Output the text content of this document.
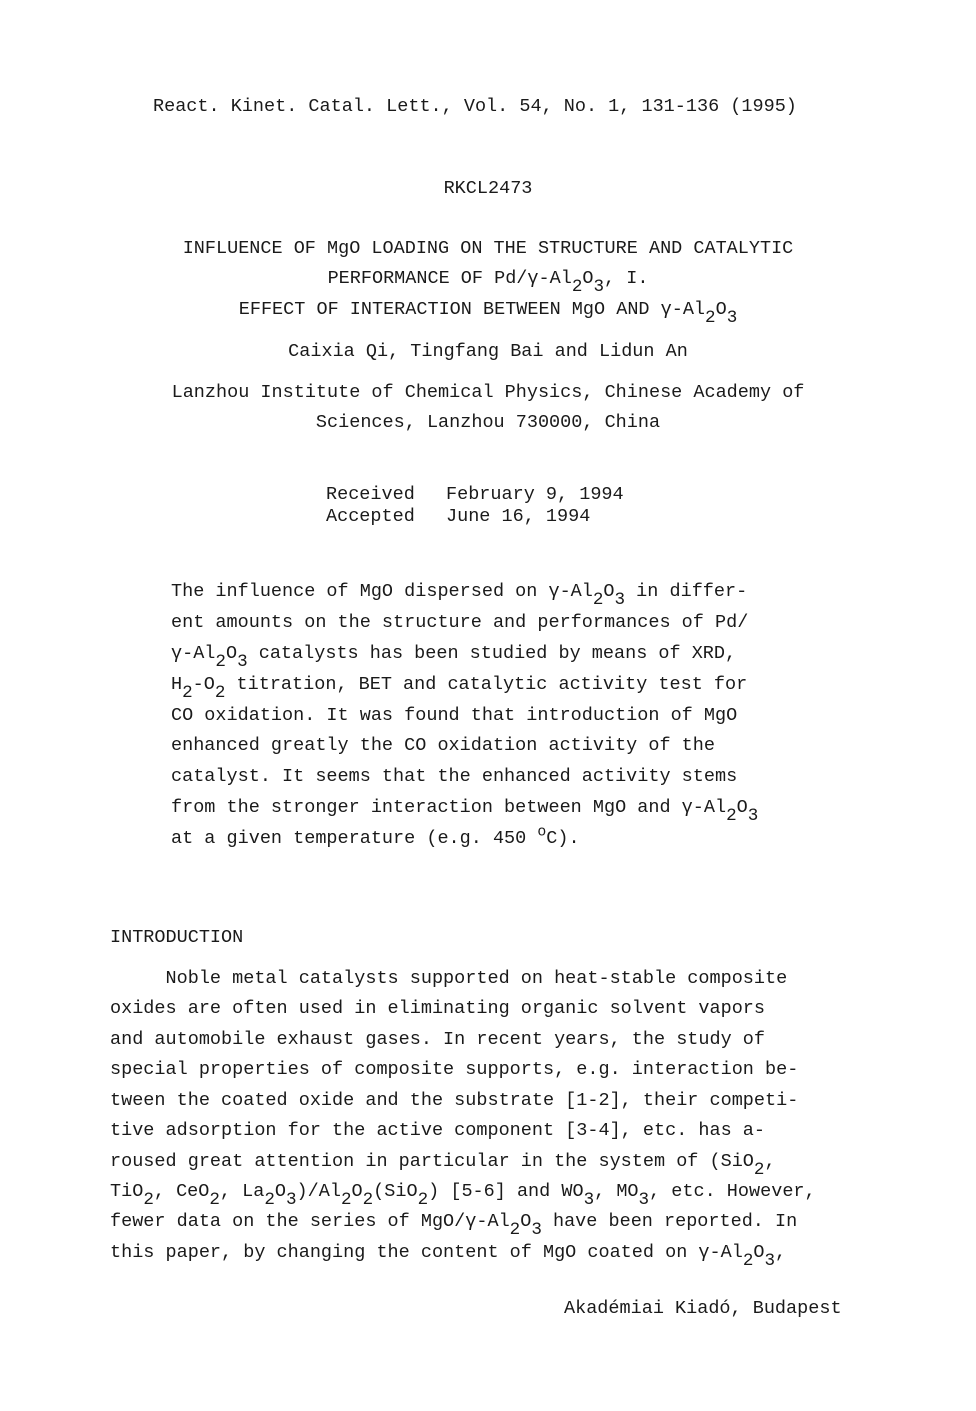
React. Kinet. Catal. Lett., Vol. 54, No. 1, 131-136 (1995)
RKCL2473
INFLUENCE OF MgO LOADING ON THE STRUCTURE AND CATALYTIC
PERFORMANCE OF $Pd/\gamma-Al_2O_3$, I.
EFFECT OF INTERACTION BETWEEN MgO AND $\gamma-Al_2O_3$
Caixia Qi, Tingfang Bai and Lidun An
Lanzhou Institute of Chemical Physics, Chinese Academy of
Sciences, Lanzhou 730000, China
Received February 9, 1994
Accepted June 16, 1994
The influence of MgO dispersed on $\gamma-Al_2O_3$ in differ-
ent amounts on the structure and performances of Pd/
$\gamma-Al_2O_3$ catalysts has been studied by means of XRD,
$H_2-O_2$ titration, BET and catalytic activity test for
CO oxidation. It was found that introduction of MgO
enhanced greatly the CO oxidation activity of the
catalyst. It seems that the enhanced activity stems
from the stronger interaction between MgO and $\gamma-Al_2O_3$
at a given temperature (e.g. 450 $^o$C).
INTRODUCTION
Noble metal catalysts supported on heat-stable composite
oxides are often used in eliminating organic solvent vapors
and automobile exhaust gases. In recent years, the study of
special properties of composite supports, e.g. interaction be-
tween the coated oxide and the substrate [1-2], their competi-
tive adsorption for the active component [3-4], etc. has a-
roused great attention in particular in the system of (SiO$_2$,
TiO$_2$, CeO$_2$, $La_2O_3)/Al_2O_2(SiO_2)$ [5-6] and $WO_3$, $MO_3$, etc. However,
fewer data on the series of MgO/$\gamma-Al_2O_3$ have been reported. In
this paper, by changing the content of MgO coated on $\gamma-Al_2O_3$,
Akadémiai Kiadó, Budapest
